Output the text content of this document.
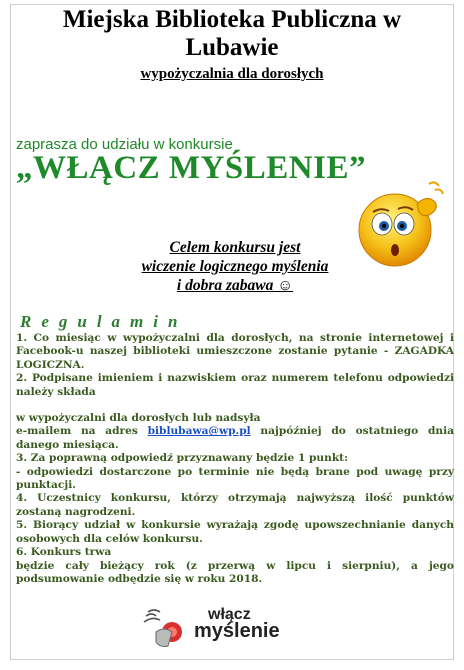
Miejska Biblioteka Publiczna w
Lubawie
wypożyczalnia dla dorosłych
zaprasza do udziału w konkursie
„WŁĄCZ MYŚLENIE”
Celem konkursu jest
wiczenie logicznego myślenia
i dobra zabawa ☺
Regulamin

1. Co miesiąc w wypożyczalni dla dorosłych, na stronie internetowej i Facebook-u naszej biblioteki umieszczone zostanie pytanie - ZAGADKA LOGICZNA.

2. Podpisane imieniem i nazwiskiem oraz numerem telefonu odpowiedzi należy składa

w wypożyczalni dla dorosłych lub nadsyła

e-mailem na adres biblubawa@wp.pl najpóźniej do ostatniego dnia danego miesiąca.

3. Za poprawną odpowiedź przyznawany będzie 1 punkt:

- odpowiedzi dostarczone po terminie nie będą brane pod uwagę przy punktacji.

4. Uczestnicy konkursu, którzy otrzymają najwyższą ilość punktów zostaną nagrodzeni.

5. Biorący udział w konkursie wyrażają zgodę upowszechnianie danych osobowych dla celów konkursu.

6. Konkurs trwa

będzie cały bieżący rok (z przerwą w lipcu i sierpniu), a jego podsumowanie odbędzie się w roku 2018.

włącz
myślenie
